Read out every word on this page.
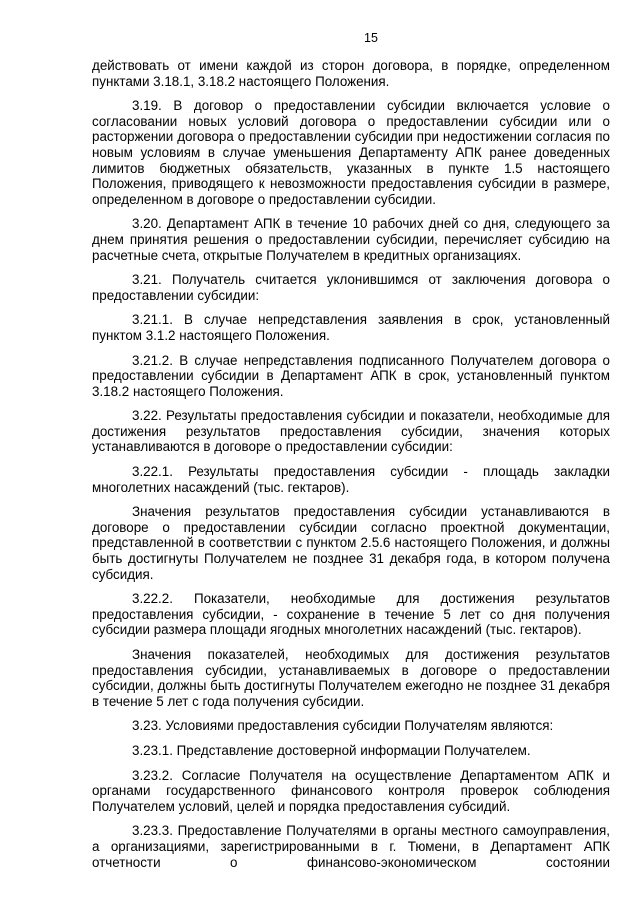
15

действовать от имени каждой из сторон договора, в порядке, определенном пунктами 3.18.1, 3.18.2 настоящего Положения.

3.19. В договор о предоставлении субсидии включается условие о согласовании новых условий договора о предоставлении субсидии или о расторжении договора о предоставлении субсидии при недостижении согласия по новым условиям в случае уменьшения Департаменту АПК ранее доведенных лимитов бюджетных обязательств, указанных в пункте 1.5 настоящего Положения, приводящего к невозможности предоставления субсидии в размере, определенном в договоре о предоставлении субсидии.

3.20. Департамент АПК в течение 10 рабочих дней со дня, следующего за днем принятия решения о предоставлении субсидии, перечисляет субсидию на расчетные счета, открытые Получателем в кредитных организациях.

3.21. Получатель считается уклонившимся от заключения договора о предоставлении субсидии:

3.21.1. В случае непредставления заявления в срок, установленный пунктом 3.1.2 настоящего Положения.

3.21.2. В случае непредставления подписанного Получателем договора о предоставлении субсидии в Департамент АПК в срок, установленный пунктом 3.18.2 настоящего Положения.

3.22. Результаты предоставления субсидии и показатели, необходимые для достижения результатов предоставления субсидии, значения которых устанавливаются в договоре о предоставлении субсидии:

3.22.1. Результаты предоставления субсидии - площадь закладки многолетних насаждений (тыс. гектаров).

Значения результатов предоставления субсидии устанавливаются в договоре о предоставлении субсидии согласно проектной документации, представленной в соответствии с пунктом 2.5.6 настоящего Положения, и должны быть достигнуты Получателем не позднее 31 декабря года, в котором получена субсидия.

3.22.2. Показатели, необходимые для достижения результатов предоставления субсидии, - сохранение в течение 5 лет со дня получения субсидии размера площади ягодных многолетних насаждений (тыс. гектаров).

Значения показателей, необходимых для достижения результатов предоставления субсидии, устанавливаемых в договоре о предоставлении субсидии, должны быть достигнуты Получателем ежегодно не позднее 31 декабря в течение 5 лет с года получения субсидии.

3.23. Условиями предоставления субсидии Получателям являются:

3.23.1. Представление достоверной информации Получателем.

3.23.2. Согласие Получателя на осуществление Департаментом АПК и органами государственного финансового контроля проверок соблюдения Получателем условий, целей и порядка предоставления субсидий.

3.23.3. Предоставление Получателями в органы местного самоуправления, а организациями, зарегистрированными в г. Тюмени, в Департамент АПК отчетности о финансово-экономическом состоянии
